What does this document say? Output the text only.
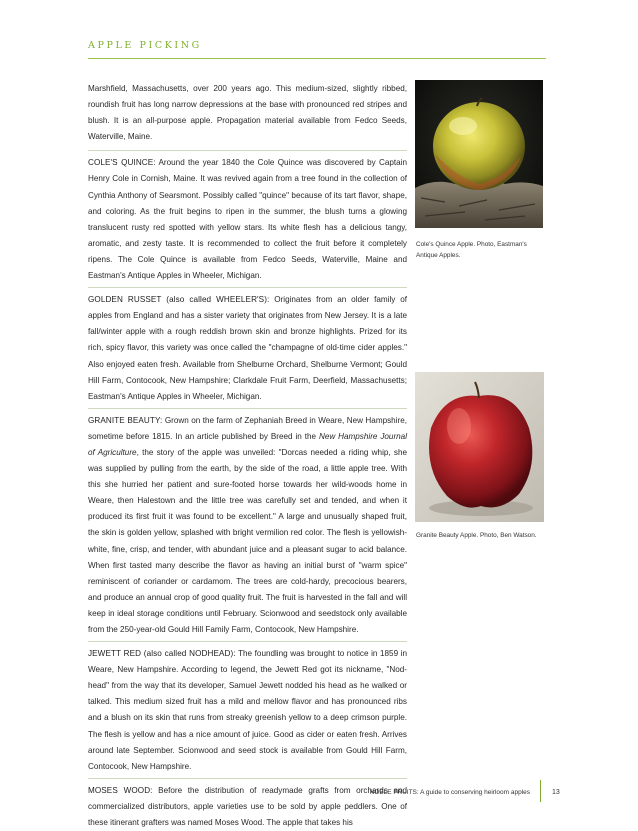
APPLE PICKING

Marshfield, Massachusetts, over 200 years ago. This medium-sized, slightly ribbed, roundish fruit has long narrow depressions at the base with pronounced red stripes and blush. It is an all-purpose apple. Propagation material available from Fedco Seeds, Waterville, Maine.

COLE'S QUINCE: Around the year 1840 the Cole Quince was discovered by Captain Henry Cole in Cornish, Maine. It was revived again from a tree found in the collection of Cynthia Anthony of Searsmont. Possibly called "quince" because of its tart flavor, shape, and coloring. As the fruit begins to ripen in the summer, the blush turns a glowing translucent rusty red spotted with yellow stars. Its white flesh has a delicious tangy, aromatic, and zesty taste. It is recommended to collect the fruit before it completely ripens. The Cole Quince is available from Fedco Seeds, Waterville, Maine and Eastman's Antique Apples in Wheeler, Michigan.

GOLDEN RUSSET (also called WHEELER'S): Originates from an older family of apples from England and has a sister variety that originates from New Jersey. It is a late fall/winter apple with a rough reddish brown skin and bronze highlights. Prized for its rich, spicy flavor, this variety was once called the "champagne of old-time cider apples." Also enjoyed eaten fresh. Available from Shelburne Orchard, Shelburne Vermont; Gould Hill Farm, Contocook, New Hampshire; Clarkdale Fruit Farm, Deerfield, Massachusetts; Eastman's Antique Apples in Wheeler, Michigan.

GRANITE BEAUTY: Grown on the farm of Zephaniah Breed in Weare, New Hampshire, sometime before 1815. In an article published by Breed in the New Hampshire Journal of Agriculture, the story of the apple was unveiled: "Dorcas needed a riding whip, she was supplied by pulling from the earth, by the side of the road, a little apple tree. With this she hurried her patient and sure-footed horse towards her wild-woods home in Weare, then Halestown and the little tree was carefully set and tended, and when it produced its first fruit it was found to be excellent." A large and unusually shaped fruit, the skin is golden yellow, splashed with bright vermilion red color. The flesh is yellowish-white, fine, crisp, and tender, with abundant juice and a pleasant sugar to acid balance. When first tasted many describe the flavor as having an initial burst of "warm spice" reminiscent of coriander or cardamom. The trees are cold-hardy, precocious bearers, and produce an annual crop of good quality fruit. The fruit is harvested in the fall and will keep in ideal storage conditions until February. Scionwood and seedstock only available from the 250-year-old Gould Hill Family Farm, Contocook, New Hampshire.

JEWETT RED (also called NODHEAD): The foundling was brought to notice in 1859 in Weare, New Hampshire. According to legend, the Jewett Red got its nickname, "Nod-head" from the way that its developer, Samuel Jewett nodded his head as he walked or talked. This medium sized fruit has a mild and mellow flavor and has pronounced ribs and a blush on its skin that runs from streaky greenish yellow to a deep crimson purple. The flesh is yellow and has a nice amount of juice. Good as cider or eaten fresh. Arrives around late September. Scionwood and seed stock is available from Gould Hill Farm, Contocook, New Hampshire.

MOSES WOOD: Before the distribution of readymade grafts from orchards and commercialized distributors, apple varieties use to be sold by apple peddlers. One of these itinerant grafters was named Moses Wood. The apple that takes his

Cole's Quince Apple. Photo, Eastman's Antique Apples.
Granite Beauty Apple. Photo, Ben Watson.
NOBLE FRUITS: A guide to conserving heirloom apples	13
